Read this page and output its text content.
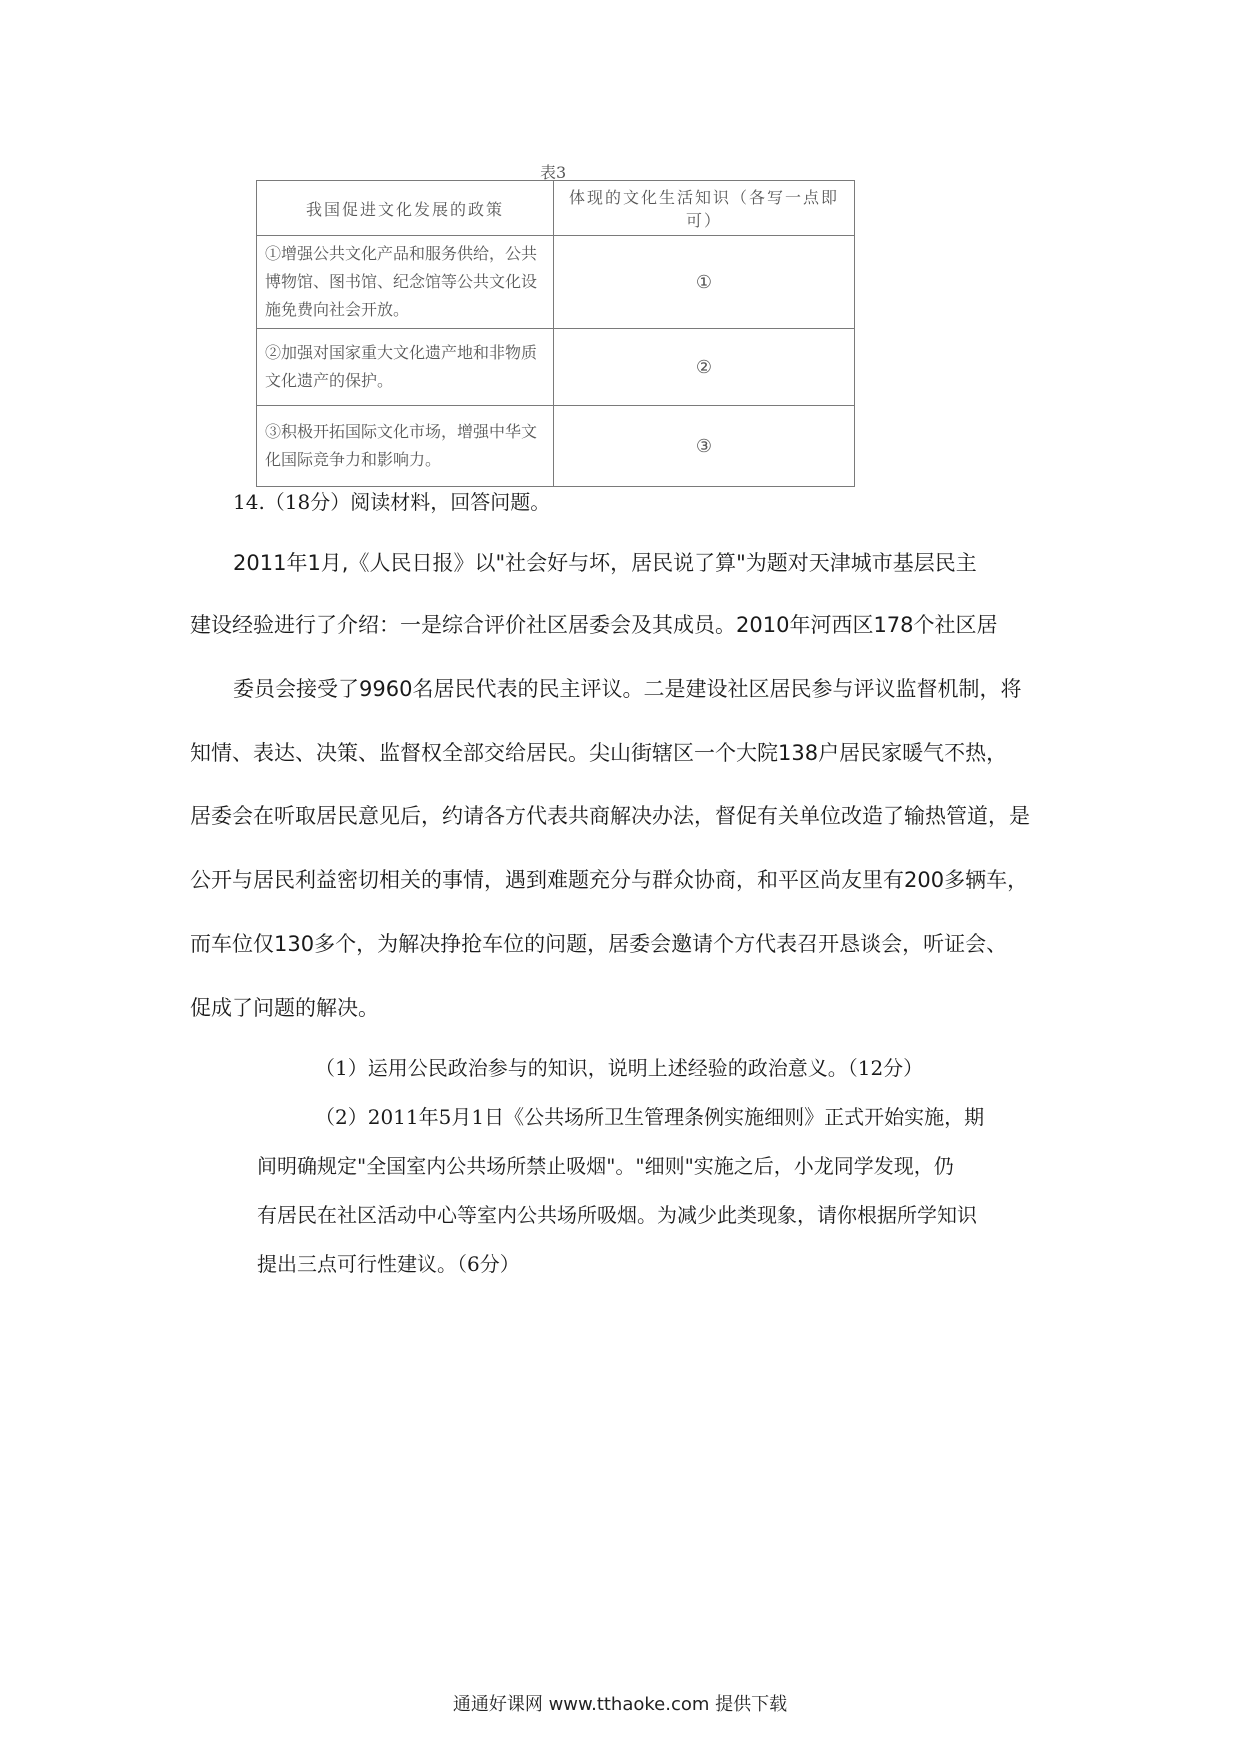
表3
我国促进文化发展的政策	体现的文化生活知识（各写一点即可）
①增强公共文化产品和服务供给，公共博物馆、图书馆、纪念馆等公共文化设施免费向社会开放。	①
②加强对国家重大文化遗产地和非物质文化遗产的保护。	②
③积极开拓国际文化市场，增强中华文化国际竞争力和影响力。	③
14.（18分）阅读材料，回答问题。
2011年1月,《人民日报》以"社会好与坏，居民说了算"为题对天津城市基层民主
建设经验进行了介绍：一是综合评价社区居委会及其成员。2010年河西区178个社区居
委员会接受了9960名居民代表的民主评议。二是建设社区居民参与评议监督机制，将
知情、表达、决策、监督权全部交给居民。尖山街辖区一个大院138户居民家暖气不热，
居委会在听取居民意见后，约请各方代表共商解决办法，督促有关单位改造了输热管道，是
公开与居民利益密切相关的事情，遇到难题充分与群众协商，和平区尚友里有200多辆车，
而车位仅130多个，为解决挣抢车位的问题，居委会邀请个方代表召开恳谈会，听证会、
促成了问题的解决。
（1）运用公民政治参与的知识，说明上述经验的政治意义。（12分）
（2）2011年5月1日《公共场所卫生管理条例实施细则》正式开始实施，期
间明确规定"全国室内公共场所禁止吸烟"。"细则"实施之后，小龙同学发现，仍
有居民在社区活动中心等室内公共场所吸烟。为减少此类现象，请你根据所学知识
提出三点可行性建议。（6分）
通通好课网 www.tthaoke.com 提供下载
